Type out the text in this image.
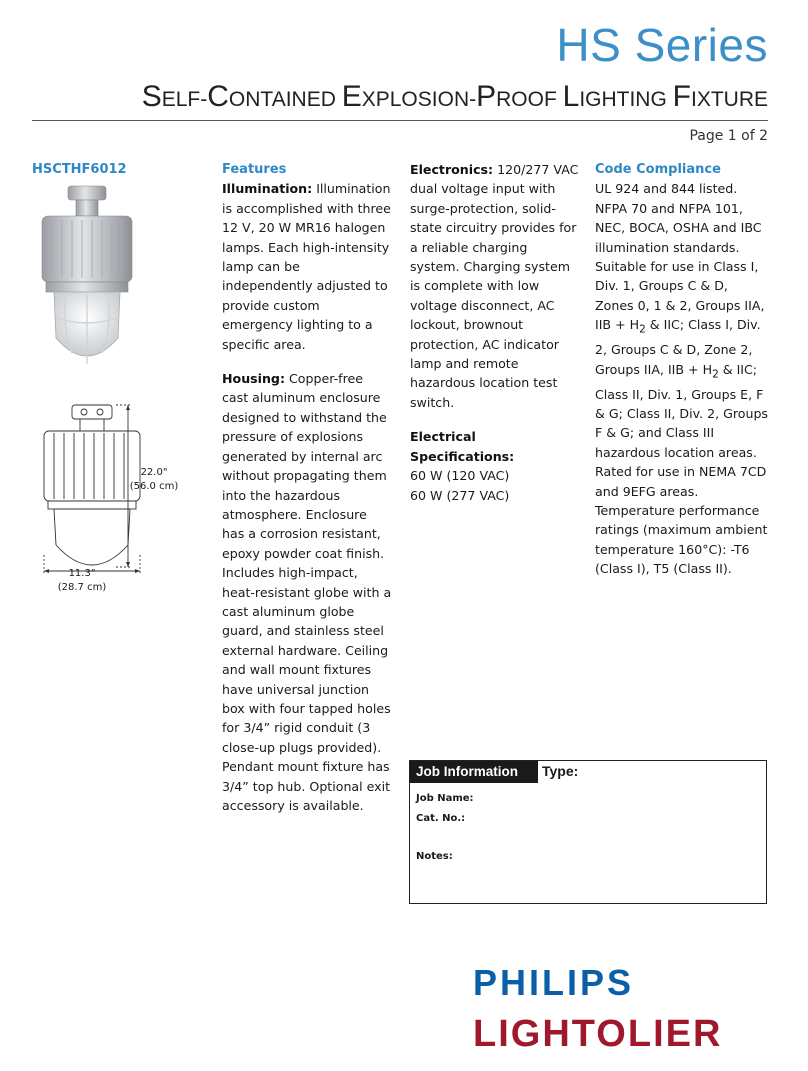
HS Series
SELF-CONTAINED EXPLOSION-PROOF LIGHTING FIXTURE
Page 1 of 2
HSCTHF6012
22.0"
(56.0 cm)
11.3"
(28.7 cm)
Features

Illumination: Illumination is accomplished with three 12 V, 20 W MR16 halogen lamps. Each high-intensity lamp can be independently adjusted to provide custom emergency lighting to a specific area.

Housing: Copper-free cast aluminum enclosure designed to withstand the pressure of explosions generated by internal arc without propagating them into the hazardous atmosphere. Enclosure has a corrosion resistant, epoxy powder coat finish. Includes high-impact, heat-resistant globe with a cast aluminum globe guard, and stainless steel external hardware. Ceiling and wall mount fixtures have universal junction box with four tapped holes for 3/4” rigid conduit (3 close-up plugs provided). Pendant mount fixture has 3/4” top hub. Optional exit accessory is available.

Electronics: 120/277 VAC dual voltage input with surge-protection, solid-state circuitry provides for a reliable charging system. Charging system is complete with low voltage disconnect, AC lockout, brownout protection, AC indicator lamp and remote hazardous location test switch.

Electrical Specifications:
60 W (120 VAC)
60 W (277 VAC)

Code Compliance

UL 924 and 844 listed. NFPA 70 and NFPA 101, NEC, BOCA, OSHA and IBC illumination standards. Suitable for use in Class I, Div. 1, Groups C & D, Zones 0, 1 & 2, Groups IIA, IIB + $H_2$ & IIC; Class I, Div. 2, Groups C & D, Zone 2, Groups IIA, IIB + $H_2$ & IIC; Class II, Div. 1, Groups E, F & G; Class II, Div. 2, Groups F & G; and Class III hazardous location areas. Rated for use in NEMA 7CD and 9EFG areas. Temperature performance ratings (maximum ambient temperature 160°C): -T6 (Class I), T5 (Class II).

Job Information	Type:
Job Name:
Cat. No.:
Notes:
PHILIPS
LIGHTOLIER
